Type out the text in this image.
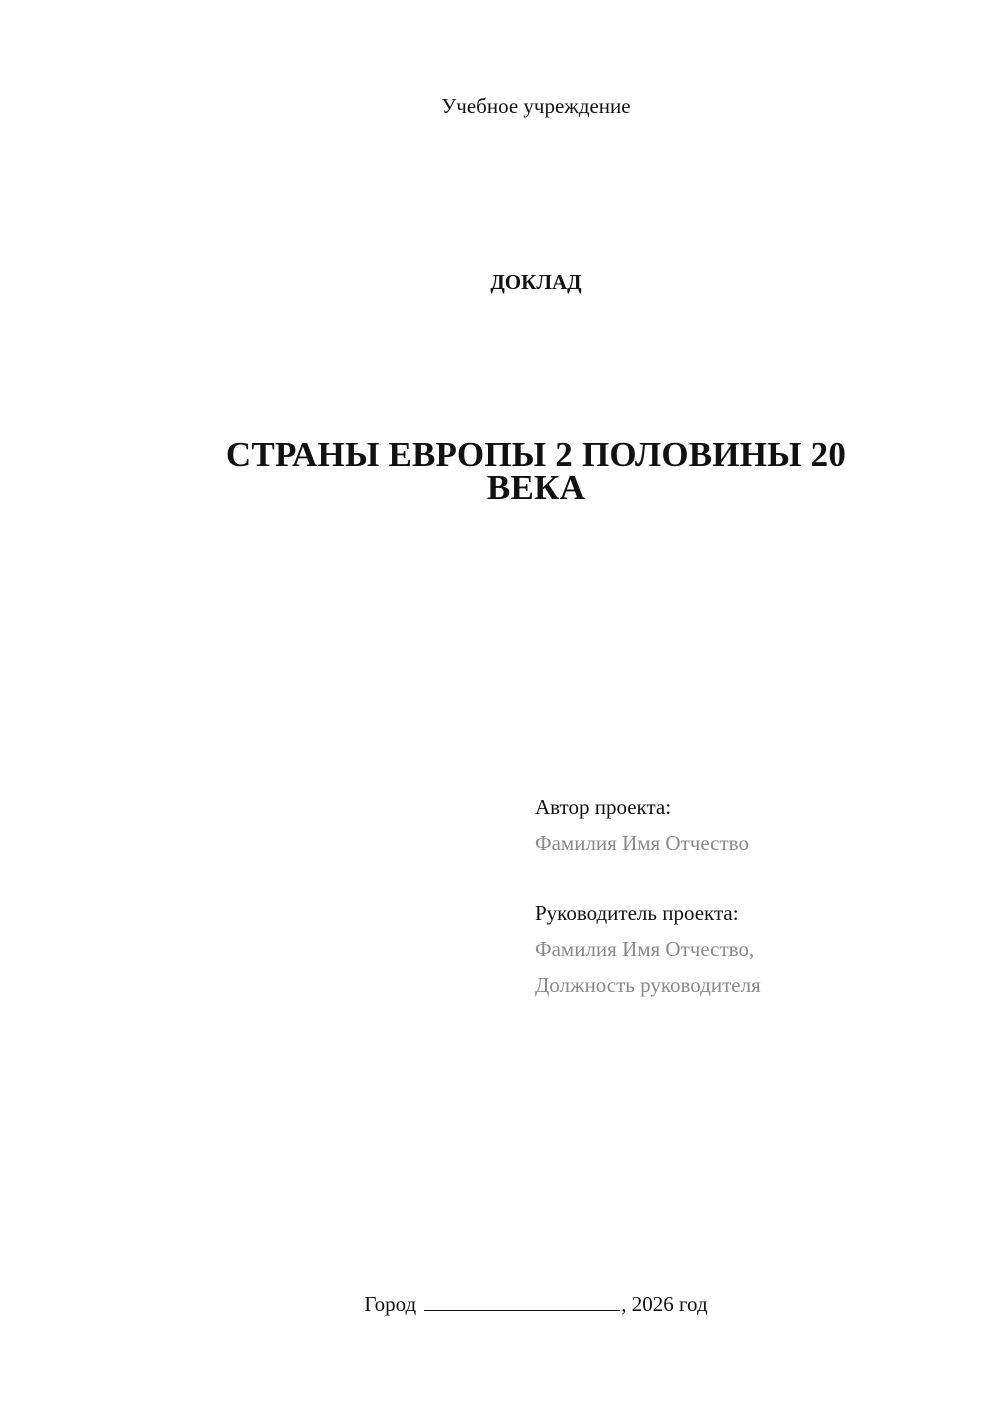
Учебное учреждение
ДОКЛАД
СТРАНЫ ЕВРОПЫ 2 ПОЛОВИНЫ 20
ВЕКА
Автор проекта:
Фамилия Имя Отчество
Руководитель проекта:
Фамилия Имя Отчество,
Должность руководителя
Город	, 2026 год
